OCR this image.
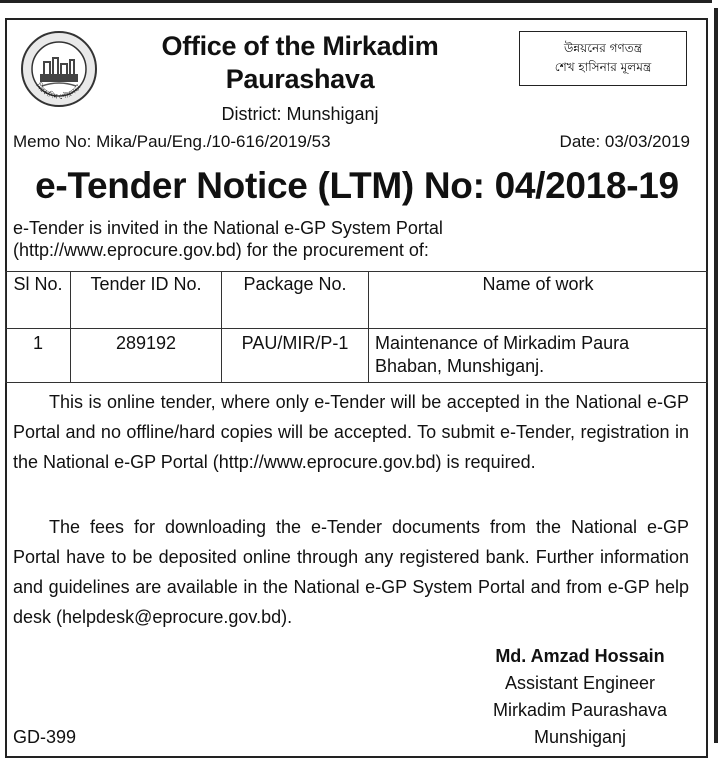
মিরকাদিম পৌরসভা
Office of the Mirkadim
Paurashava
District: Munshiganj
উন্নয়নের গণতন্ত্র
শেখ হাসিনার মূলমন্ত্র
Memo No: Mika/Pau/Eng./10-616/2019/53	Date: 03/03/2019
e-Tender Notice (LTM) No: 04/2018-19
e-Tender is invited in the National e-GP System Portal
(http://www.eprocure.gov.bd) for the procurement of:
Sl No.	Tender ID No.	Package No.	Name of work
1	289192	PAU/MIR/P-1	Maintenance of Mirkadim Paura Bhaban, Munshiganj.
This is online tender, where only e-Tender will be accepted in the National e-GP Portal and no offline/hard copies will be accepted. To submit e-Tender, registration in the National e-GP Portal (http://www.eprocure.gov.bd) is required.
The fees for downloading the e-Tender documents from the National e-GP Portal have to be deposited online through any registered bank. Further information and guidelines are available in the National e-GP System Portal and from e-GP help desk (helpdesk@eprocure.gov.bd).
Md. Amzad Hossain
Assistant Engineer
Mirkadim Paurashava
Munshiganj
GD-399
